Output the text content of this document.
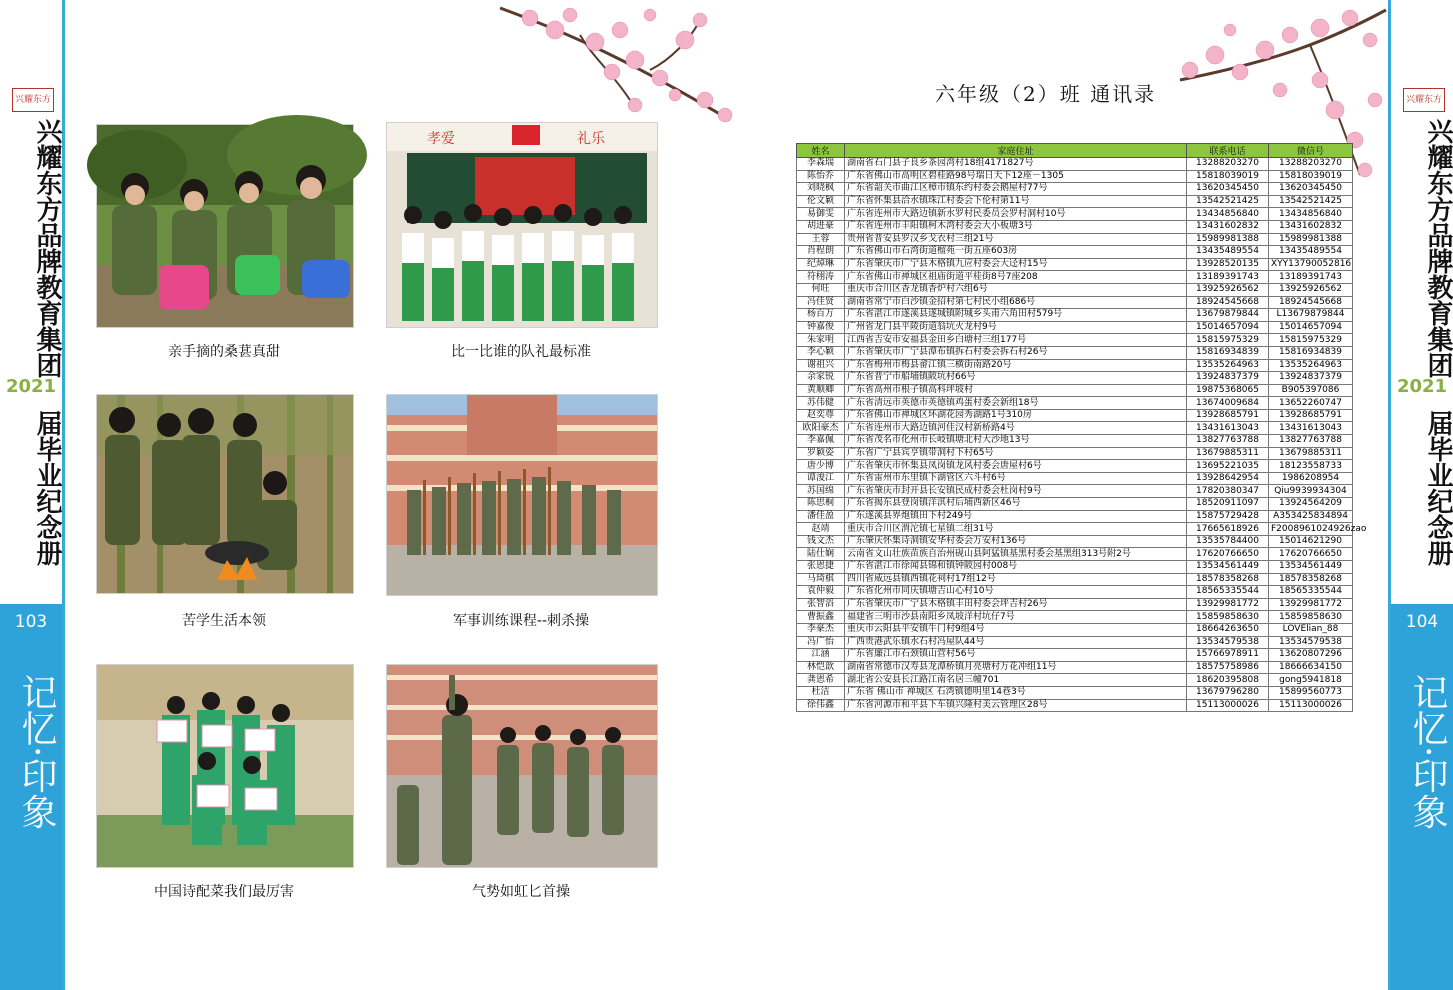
兴耀东方
兴耀东方品牌教育集团
2021
届毕业纪念册
103
记忆·印象
兴耀东方
兴耀东方品牌教育集团
2021
届毕业纪念册
104
记忆·印象
亲手摘的桑葚真甜
孝爱	礼乐
比一比谁的队礼最标准
苦学生活本领	军事训练课程--刺杀操
中国诗配菜我们最厉害	气势如虹匕首操
六年级（2）班 通讯录
姓名	家庭住址	联系电话	微信号
李森瑞	湖南省石门县子良乡茶园湾村18组4171827号	13288203270	13288203270
陈怡乔	广东省佛山市高明区碧桂路98号瑞日天下12座－1305	15818039019	15818039019
刘晓枫	广东省韶关市曲江区樟市镇东约村委会鹅屋村77号	13620345450	13620345450
伦文颖	广东省怀集县洽水镇珠江村委会下伦村第11号	13542521425	13542521425
易御雯	广东省连州市大路边镇新水罗村民委员会罗村洞村10号	13434856840	13434856840
胡进豪	广东省连州市丰阳镇柯木湾村委会大小板塘3号	13431602832	13431602832
王蓉	贵州省普安县罗汉乡戈衣村三组21号	15989981388	15989981388
肖程朗	广东省佛山市石湾街道榴苑一街五座603房	13435489554	13435489554
纪焯琳	广东省肇庆市广宁县木格镇九应村委会大迳村15号	13928520135	XYY13790052816
符栩涛	广东省佛山市禅城区祖庙街道平桂街8号7座208	13189391743	13189391743
何旺	重庆市合川区香龙镇香炉村六组6号	13925926562	13925926562
冯佳贤	湖南省常宁市白沙镇金招村第七村民小组686号	18924545668	18924545668
杨百万	广东省湛江市遂溪县遂城镇附城乡头甫六角田村579号	13679879844	L13679879844
钟嘉俊	广州省龙门县平陵街道翁坑火龙村9号	15014657094	15014657094
朱家明	江西省吉安市安福县金田乡白塘村三组177号	15815975329	15815975329
李心颖	广东省肇庆市广宁县潭布镇拆石村委会拆石村26号	15816934839	15816934839
谢祖兴	广东省梅州市梅县畲江镇三横街南路20号	13535264963	13535264963
余家锐	广东省普宁市船埔镇陂坑村66号	13924837379	13924837379
黄顺卿	广东省高州市根子镇高科坪坡村	19875368065	B905397086
苏伟健	广东省清远市英德市英德镇鸡蛋村委会新组18号	13674009684	13652260747
赵奕尊	广东省佛山市禅城区环湖花园秀湖路1号310房	13928685791	13928685791
欧阳豪杰	广东省连州市大路边镇河佳汉村新桥路4号	13431613043	13431613043
李嘉佩	广东省茂名市化州市长岐镇塘北村大沙地13号	13827763788	13827763788
罗颖姿	广东省广宁县宾亨镇带洞村下村65号	13679885311	13679885311
唐少博	广东省肇庆市怀集县凤岗镇龙风村委会唐屋村6号	13695221035	18123558733
谭浚江	广东省雷州市东里镇下湖管区六斗村6号	13928642954	1986208954
苏国绵	广东省肇庆市封开县长安镇民成村委会杜岗村9号	17820380347	Qiu9939934304
陈思桐	广东省揭东县登岗镇洋淇村后埔西新区46号	18520911097	13924564209
潘佳盈	广东遂溪县界炮镇田下村249号	15875729428	A353425834894
赵靖	重庆市合川区渭沱镇七星镇二组31号	17665618926	F2008961024926zao
钱文杰	广东肇庆怀集诗洞镇安华村委会万安村136号	13535784400	15014621290
陆仕娴	云南省文山壮族苗族自治州砚山县阿猛镇基黑村委会基黑组313号附2号	17620766650	17620766650
张恩捷	广东省湛江市徐闻县锦和镇钟陂园村008号	13534561449	13534561449
马琦棋	四川省威远县镇西镇花祠村17组12号	18578358268	18578358268
袁仲毅	广东省化州市同庆镇塘吉山心村10号	18565335544	18565335544
张智滔	广东省肇庆市广宁县木格镇丰田村委会坪吉村26号	13929981772	13929981772
曹振鑫	福建省三明市沙县南阳乡凤坡洋村坑仔7号	15859858630	15859858630
李豪杰	重庆市云阳县平安镇牛门村9组4号	18664263650	LOVElian_88
冯广怡	广西贵港武乐镇水石村冯屋队44号	13534579538	13534579538
江涵	广东省廉江市石颈镇山营村56号	15766978911	13620807296
林恺歆	湖南省常德市汉寿县龙潭桥镇月亮塘村万花冲组11号	18575758986	18666634150
龚恩希	湖北省公安县长江路江南名居三幢701	18620395808	gong5941818
杜洁	广东省 佛山市 禅城区 石湾镇德明里14巷3号	13679796280	15899560773
徐伟鑫	广东省河源市和平县下车镇兴隆村美云管理区28号	15113000026	15113000026
